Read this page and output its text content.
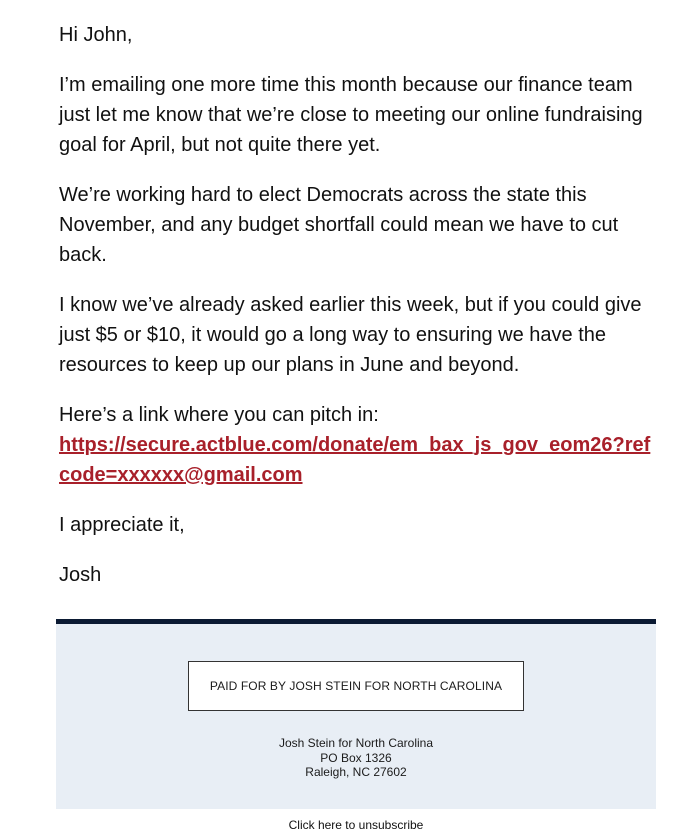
Hi John,

I’m emailing one more time this month because our finance team just let me know that we’re close to meeting our online fundraising goal for April, but not quite there yet.

We’re working hard to elect Democrats across the state this November, and any budget shortfall could mean we have to cut back.

I know we’ve already asked earlier this week, but if you could give just $5 or $10, it would go a long way to ensuring we have the resources to keep up our plans in June and beyond.

Here’s a link where you can pitch in:
https://secure.actblue.com/donate/em_bax_js_gov_eom26?refcode=xxxxxx@gmail.com

I appreciate it,

Josh

PAID FOR BY JOSH STEIN FOR NORTH CAROLINA
Josh Stein for North Carolina
PO Box 1326
Raleigh, NC 27602
Click here to unsubscribe
